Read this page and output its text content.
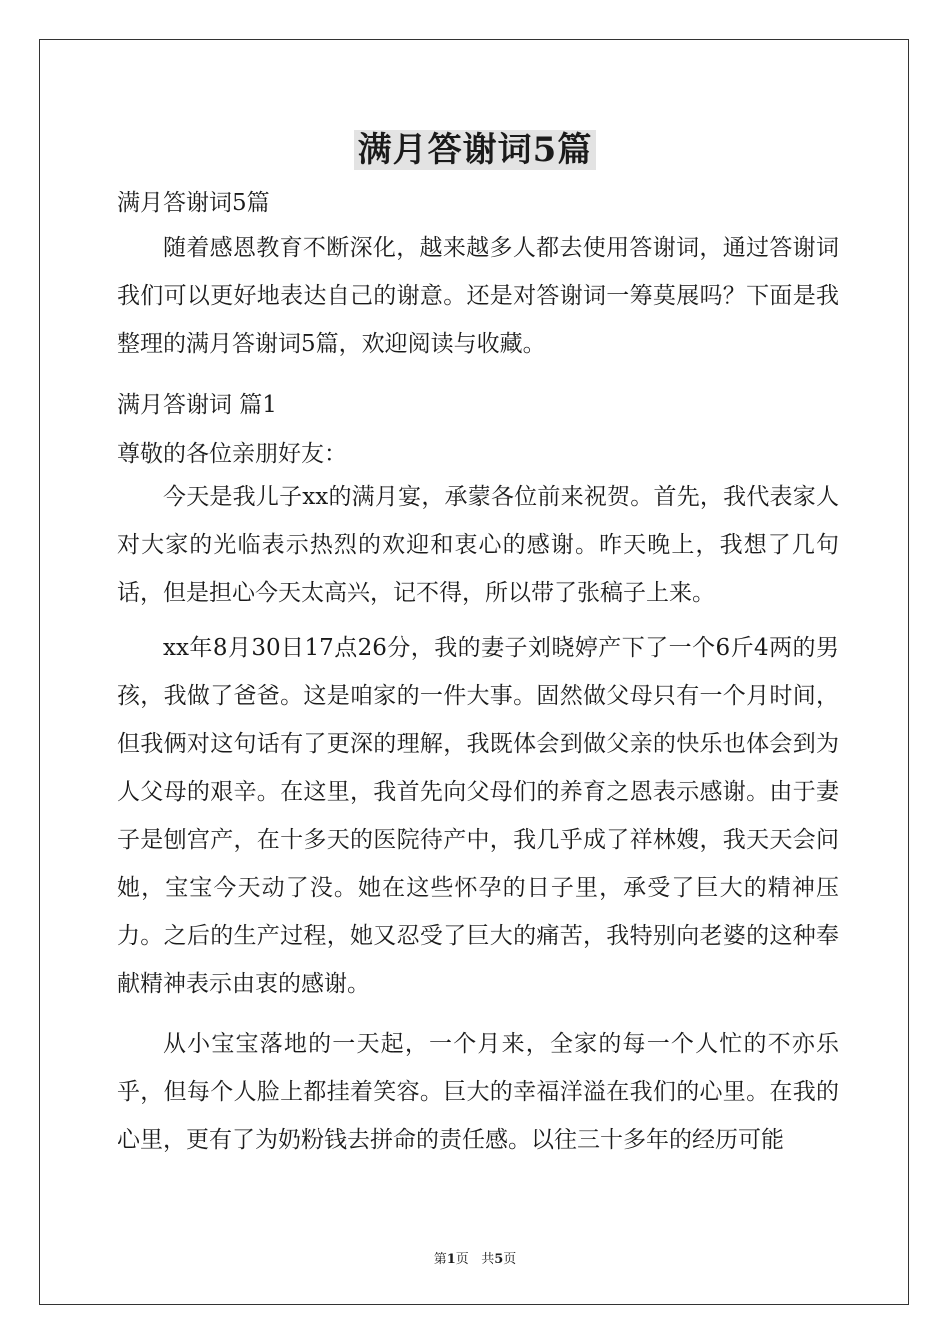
满月答谢词5篇
满月答谢词5篇
随着感恩教育不断深化，越来越多人都去使用答谢词，通过答谢词我们可以更好地表达自己的谢意。还是对答谢词一筹莫展吗？下面是我整理的满月答谢词5篇，欢迎阅读与收藏。
满月答谢词 篇1
尊敬的各位亲朋好友：
今天是我儿子xx的满月宴，承蒙各位前来祝贺。首先，我代表家人对大家的光临表示热烈的欢迎和衷心的感谢。昨天晚上，我想了几句话，但是担心今天太高兴，记不得，所以带了张稿子上来。
xx年8月30日17点26分，我的妻子刘晓婷产下了一个6斤4两的男孩，我做了爸爸。这是咱家的一件大事。固然做父母只有一个月时间，但我俩对这句话有了更深的理解，我既体会到做父亲的快乐也体会到为人父母的艰辛。在这里，我首先向父母们的养育之恩表示感谢。由于妻子是刨宫产，在十多天的医院待产中，我几乎成了祥林嫂，我天天会问她，宝宝今天动了没。她在这些怀孕的日子里，承受了巨大的精神压力。之后的生产过程，她又忍受了巨大的痛苦，我特别向老婆的这种奉献精神表示由衷的感谢。
从小宝宝落地的一天起，一个月来，全家的每一个人忙的不亦乐乎，但每个人脸上都挂着笑容。巨大的幸福洋溢在我们的心里。在我的心里，更有了为奶粉钱去拼命的责任感。以往三十多年的经历可能
第1页   共5页
